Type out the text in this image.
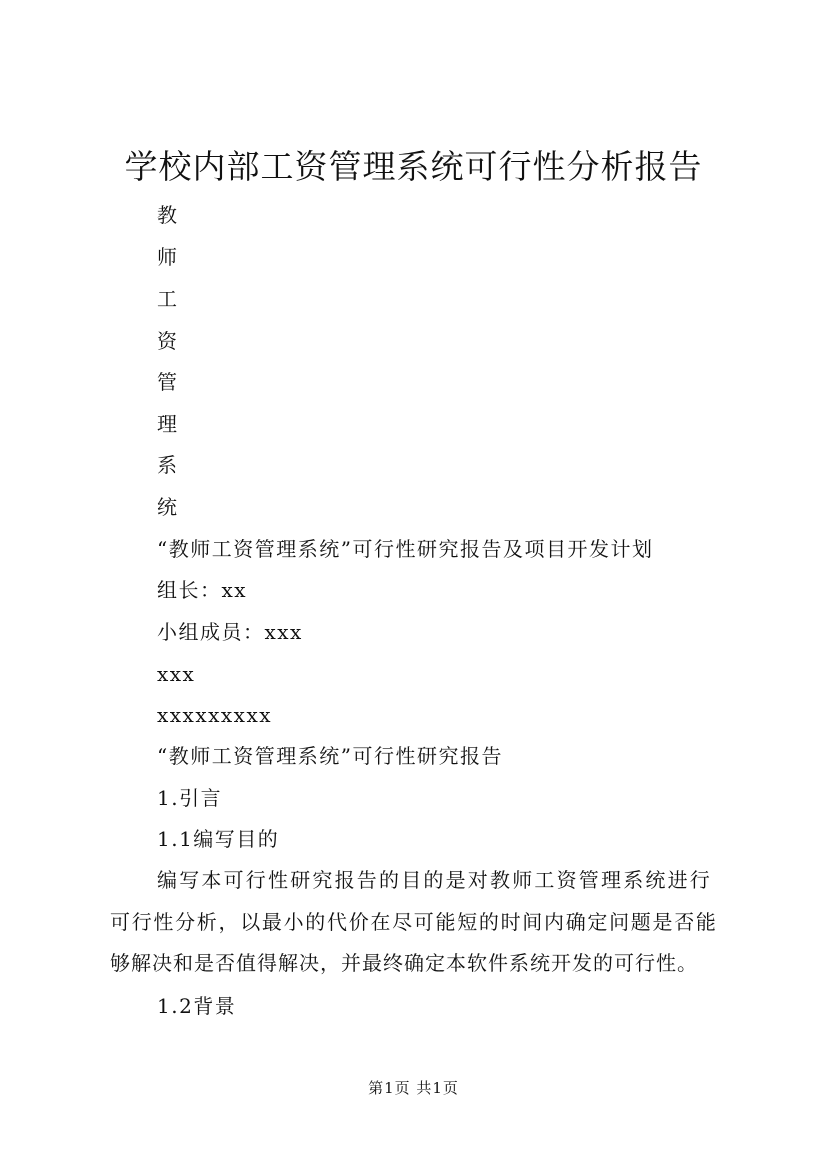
学校内部工资管理系统可行性分析报告
教
师
工
资
管
理
系
统
“教师工资管理系统”可行性研究报告及项目开发计划
组长：xx
小组成员：xxx
xxx
xxxxxxxxx
“教师工资管理系统”可行性研究报告
1.引言
1.1编写目的
编写本可行性研究报告的目的是对教师工资管理系统进行
可行性分析，以最小的代价在尽可能短的时间内确定问题是否能
够解决和是否值得解决，并最终确定本软件系统开发的可行性。
1.2背景
第1页 共1页
